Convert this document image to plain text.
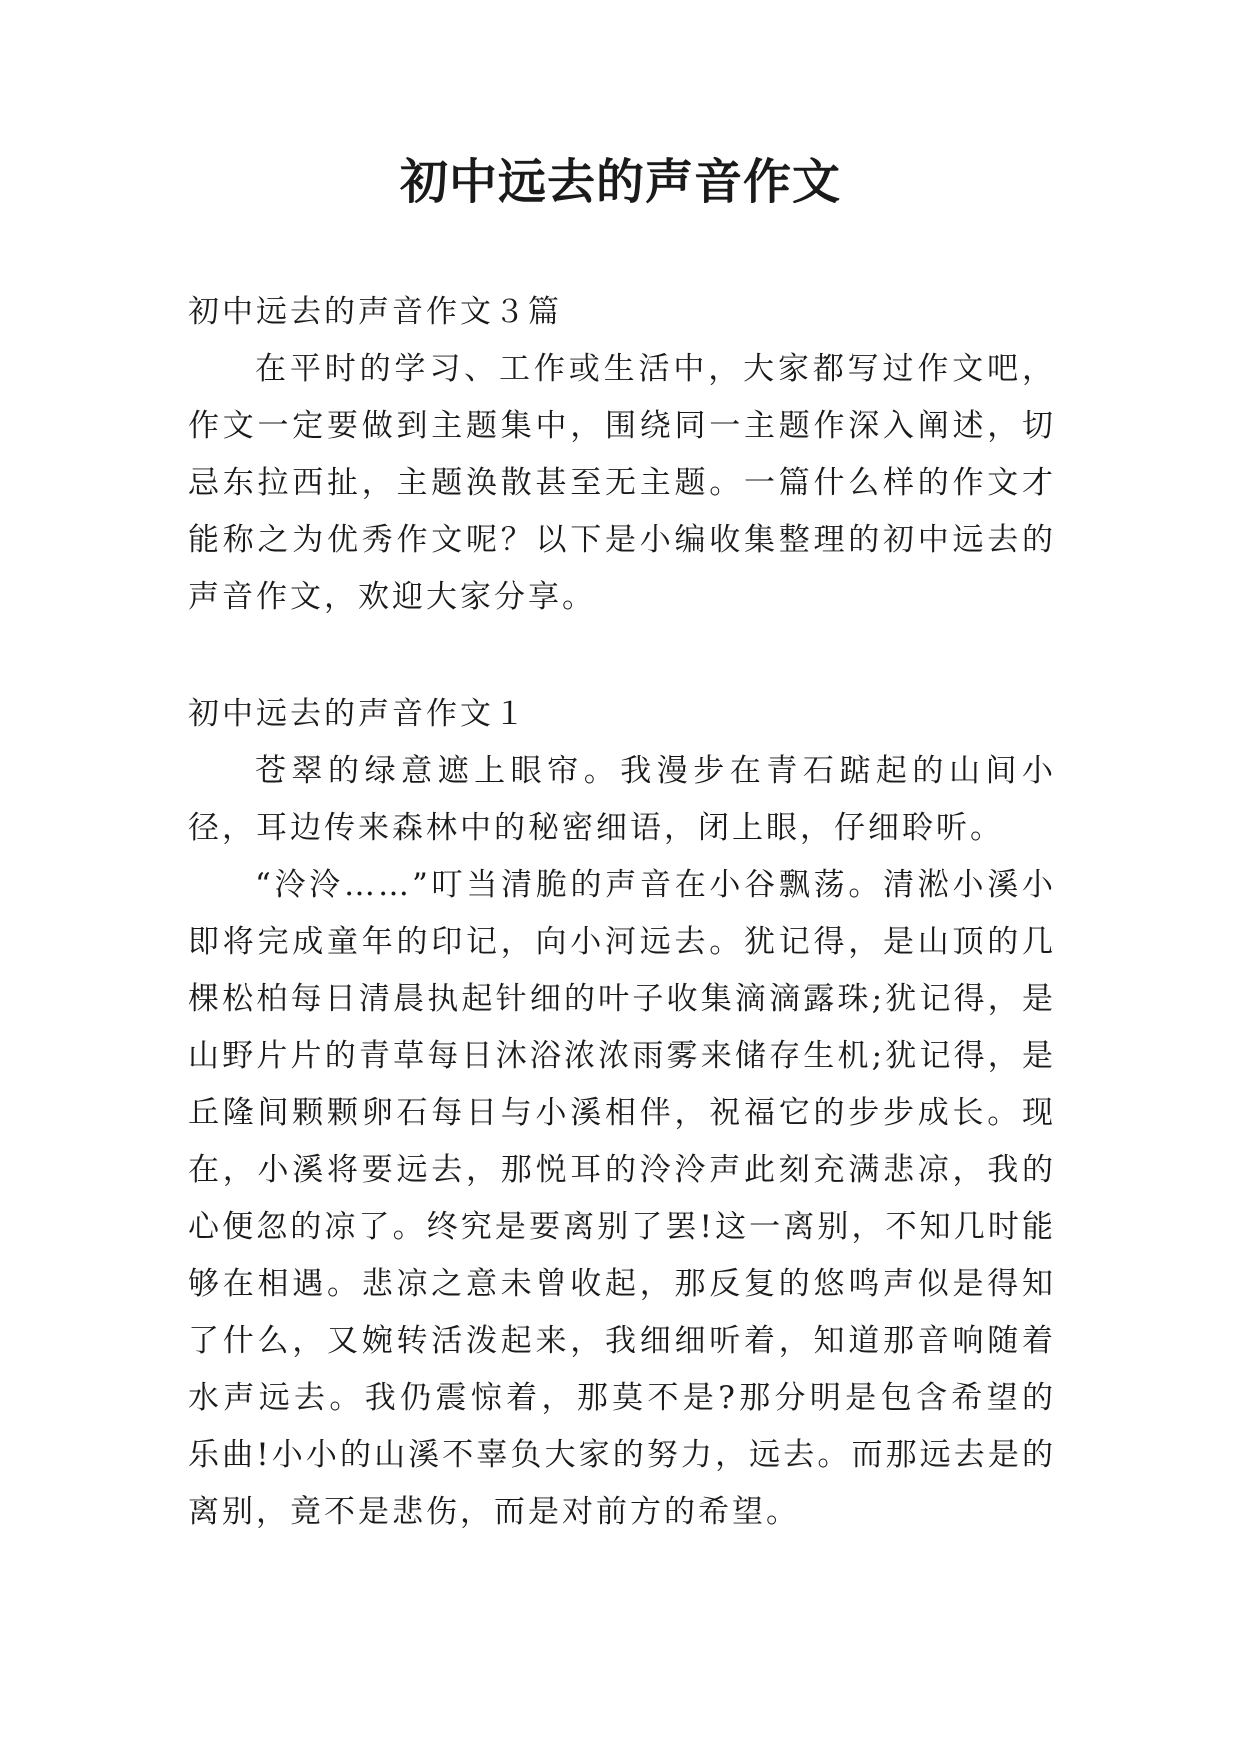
初中远去的声音作文
初中远去的声音作文３篇
在平时的学习、工作或生活中，大家都写过作文吧，作文一定要做到主题集中，围绕同一主题作深入阐述，切忌东拉西扯，主题涣散甚至无主题。一篇什么样的作文才能称之为优秀作文呢？以下是小编收集整理的初中远去的声音作文，欢迎大家分享。
初中远去的声音作文１
苍翠的绿意遮上眼帘。我漫步在青石踮起的山间小径，耳边传来森林中的秘密细语，闭上眼，仔细聆听。
“泠泠……”叮当清脆的声音在小谷飘荡。清淞小溪小即将完成童年的印记，向小河远去。犹记得，是山顶的几棵松柏每日清晨执起针细的叶子收集滴滴露珠;犹记得，是山野片片的青草每日沐浴浓浓雨雾来储存生机;犹记得，是丘隆间颗颗卵石每日与小溪相伴，祝福它的步步成长。现在，小溪将要远去，那悦耳的泠泠声此刻充满悲凉，我的心便忽的凉了。终究是要离别了罢!这一离别，不知几时能够在相遇。悲凉之意未曾收起，那反复的悠鸣声似是得知了什么，又婉转活泼起来，我细细听着，知道那音响随着水声远去。我仍震惊着，那莫不是?那分明是包含希望的乐曲!小小的山溪不辜负大家的努力，远去。而那远去是的离别，竟不是悲伤，而是对前方的希望。
